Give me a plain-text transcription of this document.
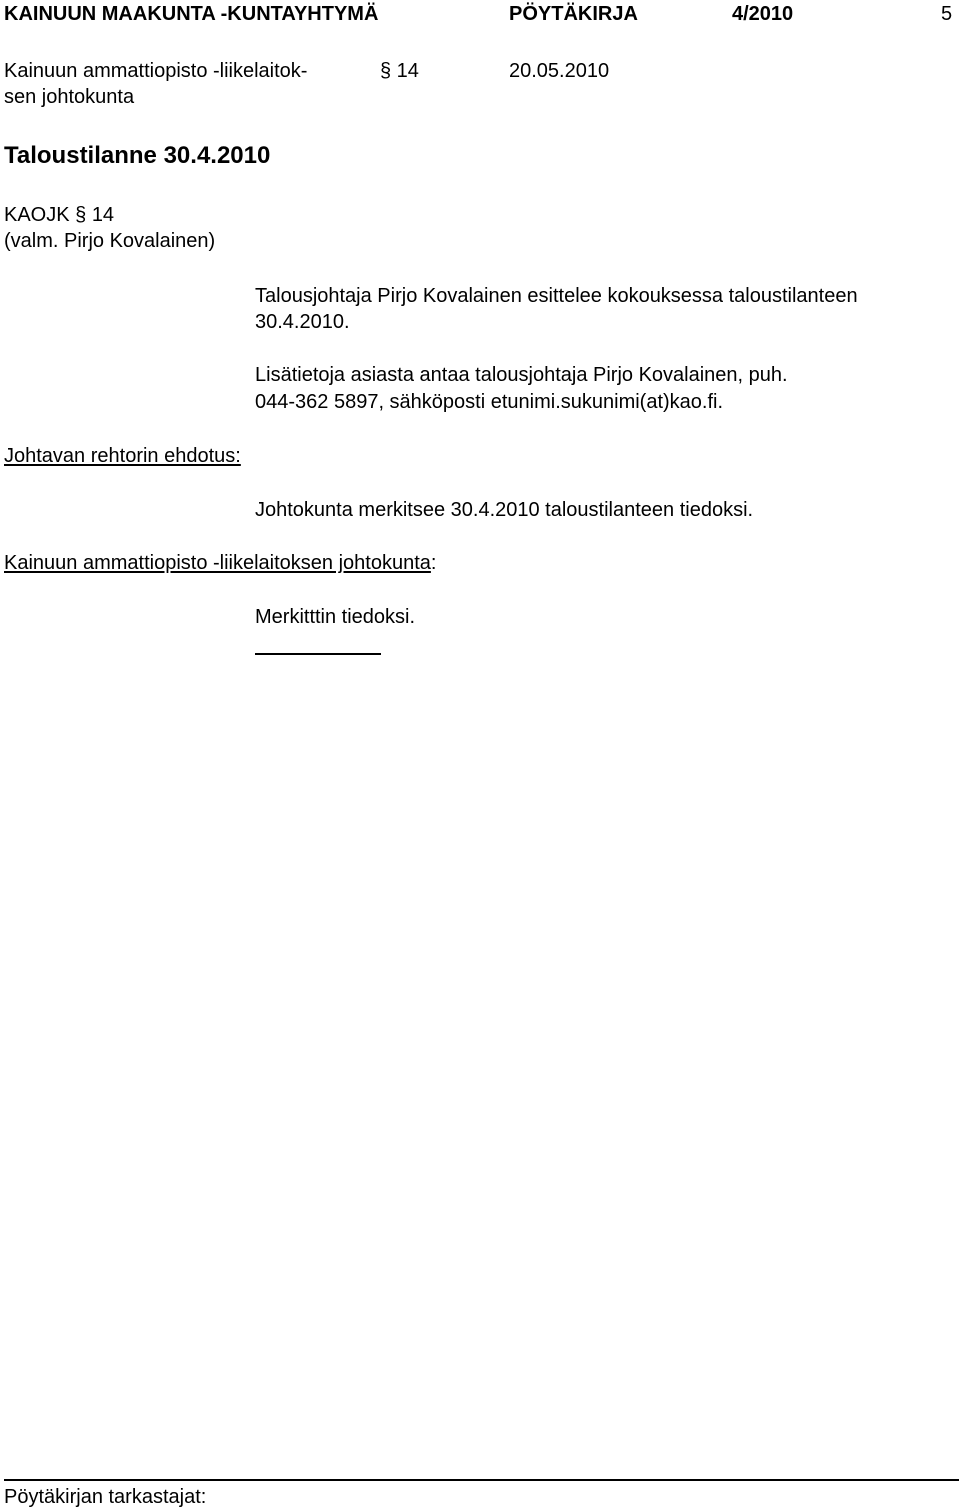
KAINUUN MAAKUNTA -KUNTAYHTYMÄ	PÖYTÄKIRJA	4/2010	5
Kainuun ammattiopisto -liikelaitok-
sen johtokunta
§ 14	20.05.2010
Taloustilanne 30.4.2010
KAOJK § 14
(valm. Pirjo Kovalainen)
Talousjohtaja Pirjo Kovalainen esittelee kokouksessa taloustilanteen
30.4.2010.
Lisätietoja asiasta antaa talousjohtaja Pirjo Kovalainen, puh.
044-362 5897, sähköposti etunimi.sukunimi(at)kao.fi.
Johtavan rehtorin ehdotus:
Johtokunta merkitsee 30.4.2010 taloustilanteen tiedoksi.
Kainuun ammattiopisto -liikelaitoksen johtokunta:
Merkitttin tiedoksi.
Pöytäkirjan tarkastajat:
